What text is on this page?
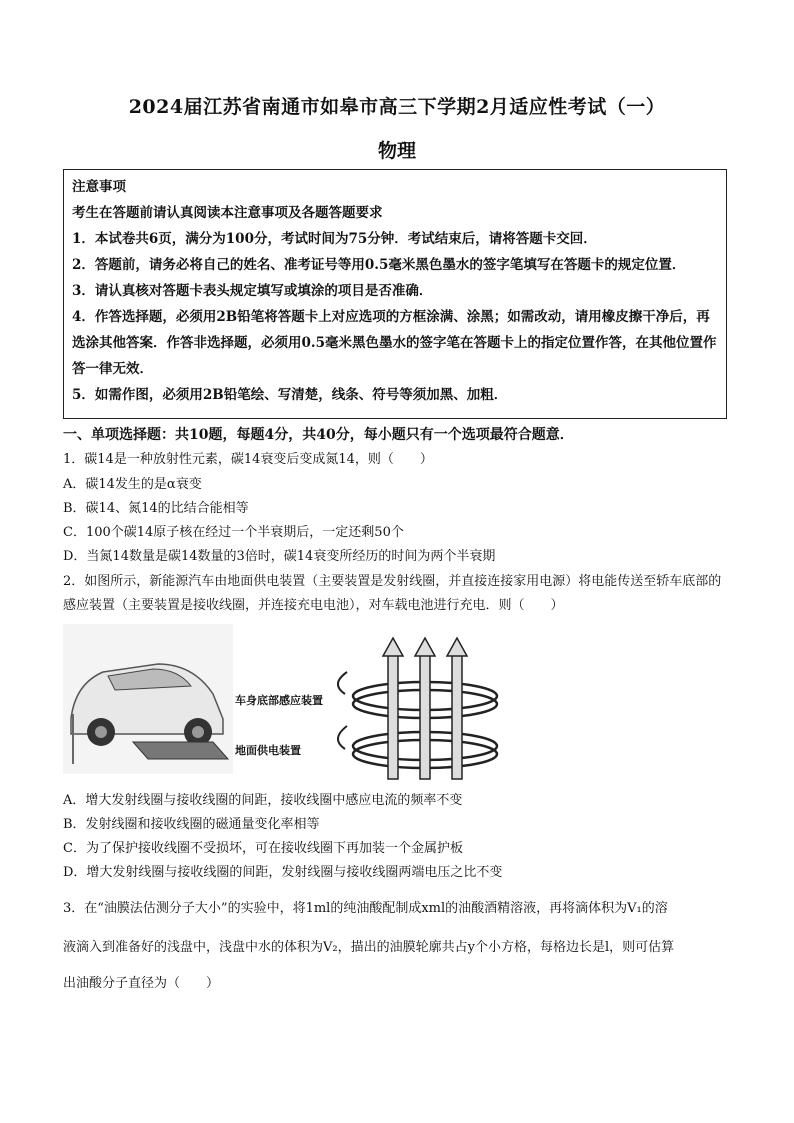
2024届江苏省南通市如皋市高三下学期2月适应性考试（一）
物理

注意事项

考生在答题前请认真阅读本注意事项及各题答题要求

1．本试卷共6页，满分为100分，考试时间为75分钟．考试结束后，请将答题卡交回．

2．答题前，请务必将自己的姓名、准考证号等用0.5毫米黑色墨水的签字笔填写在答题卡的规定位置．

3．请认真核对答题卡表头规定填写或填涂的项目是否准确．

4．作答选择题，必须用2B铅笔将答题卡上对应选项的方框涂满、涂黑；如需改动，请用橡皮擦干净后，再选涂其他答案．作答非选择题，必须用0.5毫米黑色墨水的签字笔在答题卡上的指定位置作答，在其他位置作答一律无效．

5．如需作图，必须用2B铅笔绘、写清楚，线条、符号等须加黑、加粗．

一、单项选择题：共10题，每题4分，共40分，每小题只有一个选项最符合题意．
1．碳14是一种放射性元素，碳14衰变后变成氮14，则（　　）
A．碳14发生的是α衰变
B．碳14、氮14的比结合能相等
C．100个碳14原子核在经过一个半衰期后，一定还剩50个
D．当氮14数量是碳14数量的3倍时，碳14衰变所经历的时间为两个半衰期
2．如图所示，新能源汽车由地面供电装置（主要装置是发射线圈，并直接连接家用电源）将电能传送至轿车底部的感应装置（主要装置是接收线圈，并连接充电电池），对车载电池进行充电．则（　　）
车身底部感应装置
地面供电装置
A．增大发射线圈与接收线圈的间距，接收线圈中感应电流的频率不变
B．发射线圈和接收线圈的磁通量变化率相等
C．为了保护接收线圈不受损坏，可在接收线圈下再加装一个金属护板
D．增大发射线圈与接收线圈的间距，发射线圈与接收线圈两端电压之比不变
3．在“油膜法估测分子大小”的实验中，将1ml的纯油酸配制成xml的油酸酒精溶液，再将滴体积为V₁的溶
液滴入到准备好的浅盘中，浅盘中水的体积为V₂，描出的油膜轮廓共占y个小方格，每格边长是l，则可估算
出油酸分子直径为（　　）
